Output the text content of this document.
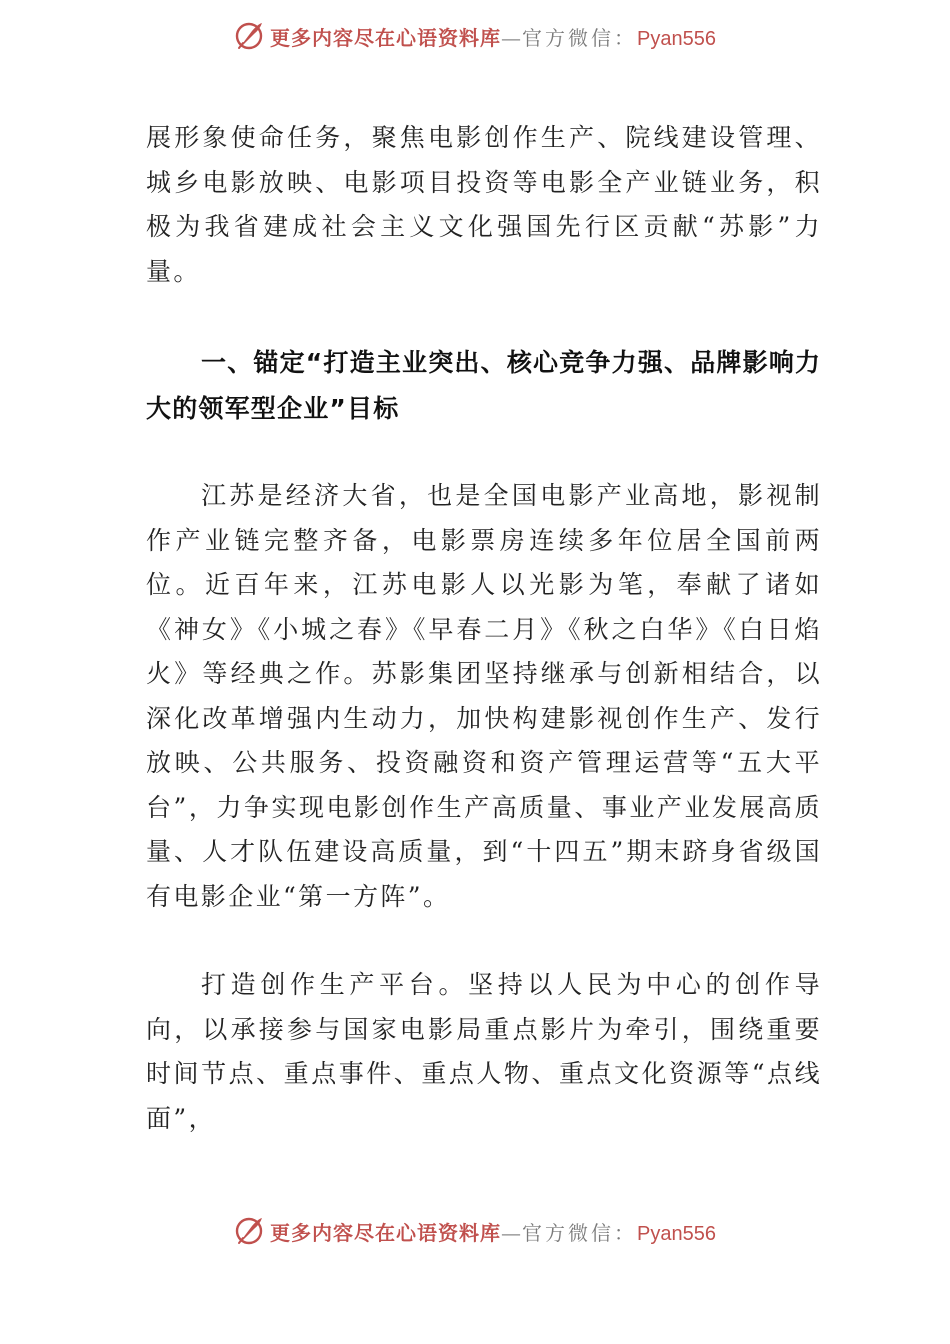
更多内容尽在心语资料库—官方微信：Pyan556

展形象使命任务，聚焦电影创作生产、院线建设管理、城乡电影放映、电影项目投资等电影全产业链业务，积极为我省建成社会主义文化强国先行区贡献“苏影”力量。

一、锚定“打造主业突出、核心竞争力强、品牌影响力大的领军型企业”目标

江苏是经济大省，也是全国电影产业高地，影视制作产业链完整齐备，电影票房连续多年位居全国前两位。近百年来，江苏电影人以光影为笔，奉献了诸如《神女》《小城之春》《早春二月》《秋之白华》《白日焰火》等经典之作。苏影集团坚持继承与创新相结合，以深化改革增强内生动力，加快构建影视创作生产、发行放映、公共服务、投资融资和资产管理运营等“五大平台”，力争实现电影创作生产高质量、事业产业发展高质量、人才队伍建设高质量，到“十四五”期末跻身省级国有电影企业“第一方阵”。

打造创作生产平台。坚持以人民为中心的创作导向，以承接参与国家电影局重点影片为牵引，围绕重要时间节点、重点事件、重点人物、重点文化资源等“点线面”，

更多内容尽在心语资料库—官方微信：Pyan556
